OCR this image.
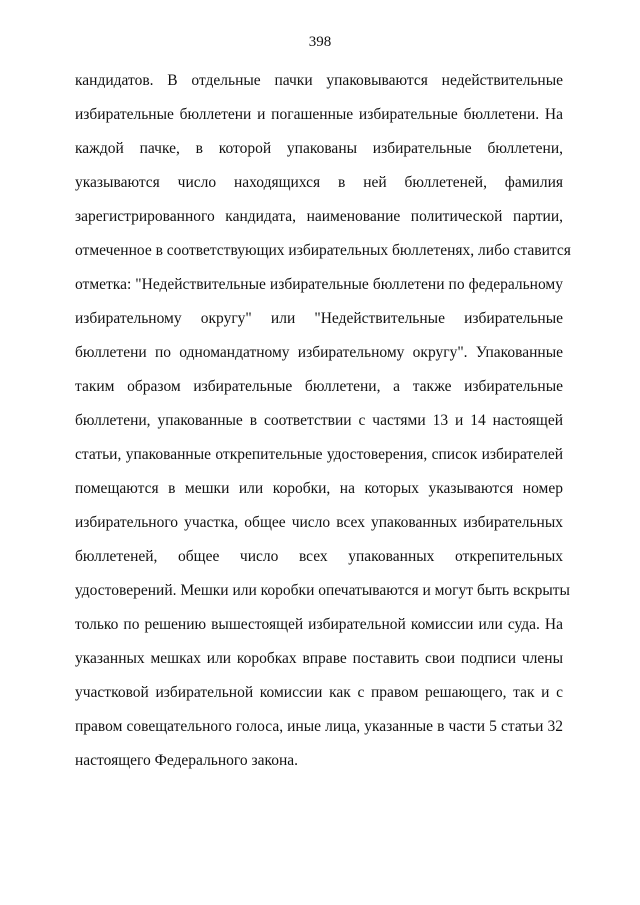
398
кандидатов. В отдельные пачки упаковываются недействительные
избирательные бюллетени и погашенные избирательные бюллетени. На
каждой пачке, в которой упакованы избирательные бюллетени,
указываются число находящихся в ней бюллетеней, фамилия
зарегистрированного кандидата, наименование политической партии,
отмеченное в соответствующих избирательных бюллетенях, либо ставится
отметка: "Недействительные избирательные бюллетени по федеральному
избирательному округу" или "Недействительные избирательные
бюллетени по одномандатному избирательному округу". Упакованные
таким образом избирательные бюллетени, а также избирательные
бюллетени, упакованные в соответствии с частями 13 и 14 настоящей
статьи, упакованные открепительные удостоверения, список избирателей
помещаются в мешки или коробки, на которых указываются номер
избирательного участка, общее число всех упакованных избирательных
бюллетеней, общее число всех упакованных открепительных
удостоверений. Мешки или коробки опечатываются и могут быть вскрыты
только по решению вышестоящей избирательной комиссии или суда. На
указанных мешках или коробках вправе поставить свои подписи члены
участковой избирательной комиссии как с правом решающего, так и с
правом совещательного голоса, иные лица, указанные в части 5 статьи 32
настоящего Федерального закона.
